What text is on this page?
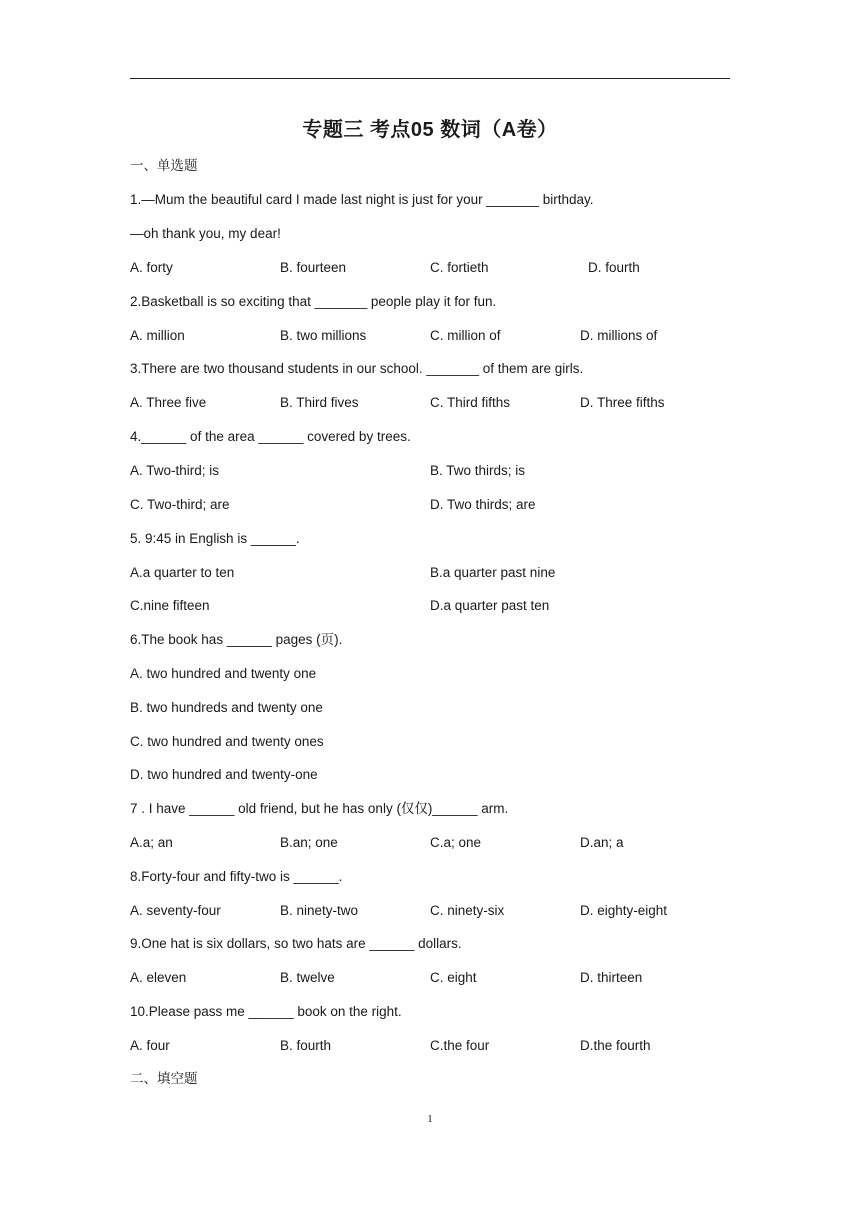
专题三 考点05 数词（A卷）
一、单选题
1.—Mum the beautiful card I made last night is just for your _______ birthday.
—oh thank you, my dear!
A. forty	B. fourteen	C. fortieth	D. fourth
2.Basketball is so exciting that _______ people play it for fun.
A. million	B. two millions	C. million of	D. millions of
3.There are two thousand students in our school. _______ of them are girls.
A. Three five	B. Third fives	C. Third fifths	D. Three fifths
4.______ of the area ______ covered by trees.
A. Two-third; is	B. Two thirds; is
C. Two-third; are	D. Two thirds; are
5. 9:45 in English is ______.
A.a quarter to ten	B.a quarter past nine
C.nine fifteen	D.a quarter past ten
6.The book has ______ pages (页).
A. two hundred and twenty one
B. two hundreds and twenty one
C. two hundred and twenty ones
D. two hundred and twenty-one
7 . I have ______ old friend, but he has only (仅仅)______ arm.
A.a; an	B.an; one	C.a; one	D.an; a
8.Forty-four and fifty-two is ______.
A. seventy-four	B. ninety-two	C. ninety-six	D. eighty-eight
9.One hat is six dollars, so two hats are ______ dollars.
A. eleven	B. twelve	C. eight	D. thirteen
10.Please pass me ______ book on the right.
A. four	B. fourth	C.the four	D.the fourth
二、填空题
1
